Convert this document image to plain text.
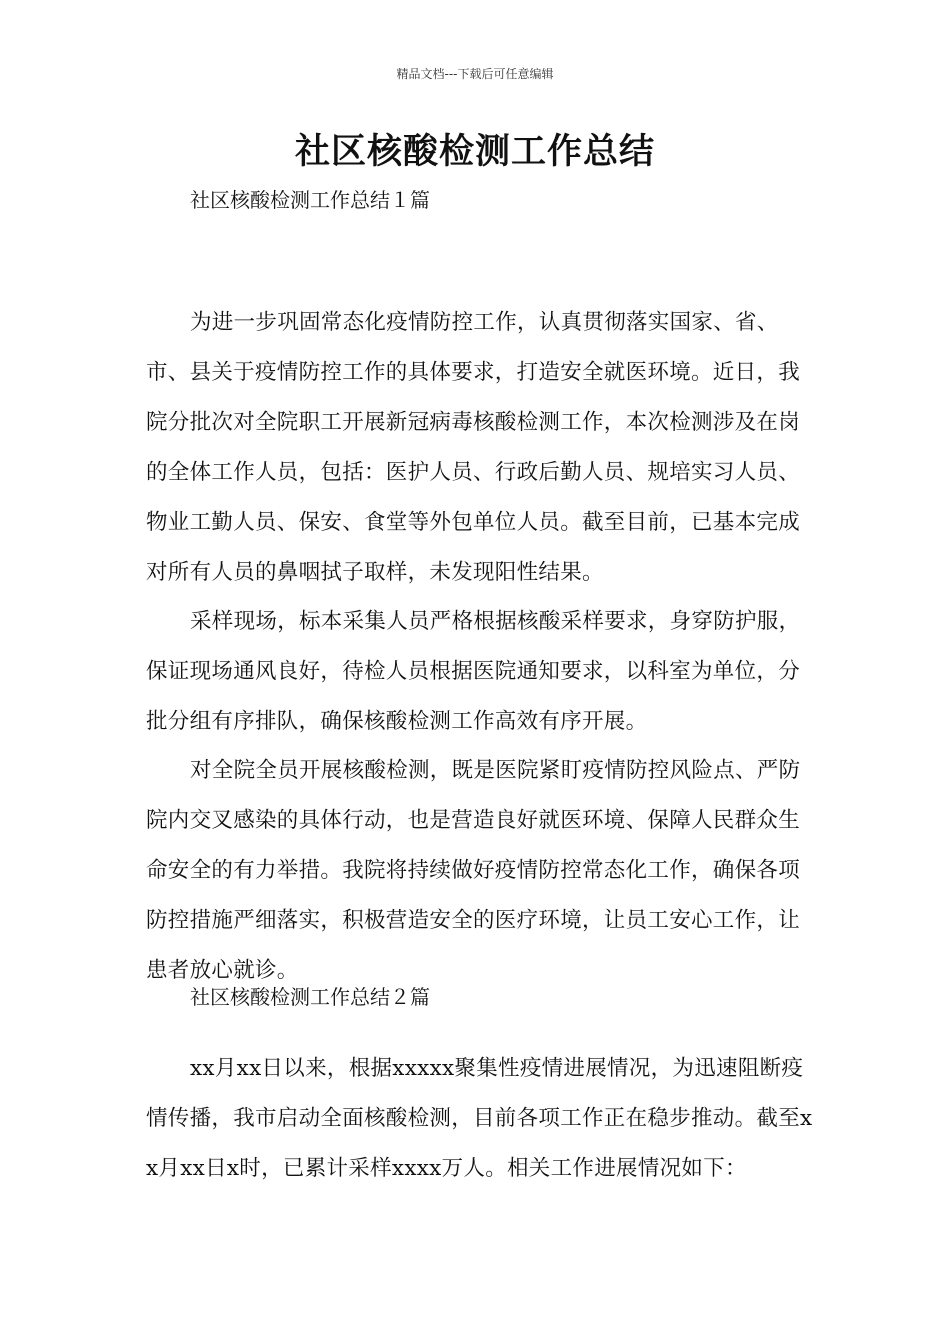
精品文档---下载后可任意编辑
社区核酸检测工作总结
社区核酸检测工作总结１篇

为进一步巩固常态化疫情防控工作，认真贯彻落实国家、省、市、县关于疫情防控工作的具体要求，打造安全就医环境。近日，我院分批次对全院职工开展新冠病毒核酸检测工作，本次检测涉及在岗的全体工作人员，包括：医护人员、行政后勤人员、规培实习人员、物业工勤人员、保安、食堂等外包单位人员。截至目前，已基本完成对所有人员的鼻咽拭子取样，未发现阳性结果。

采样现场，标本采集人员严格根据核酸采样要求，身穿防护服，保证现场通风良好，待检人员根据医院通知要求，以科室为单位，分批分组有序排队，确保核酸检测工作高效有序开展。

对全院全员开展核酸检测，既是医院紧盯疫情防控风险点、严防院内交叉感染的具体行动，也是营造良好就医环境、保障人民群众生命安全的有力举措。我院将持续做好疫情防控常态化工作，确保各项防控措施严细落实，积极营造安全的医疗环境，让员工安心工作，让患者放心就诊。

社区核酸检测工作总结２篇

xx月xx日以来，根据xxxxx聚集性疫情进展情况，为迅速阻断疫情传播，我市启动全面核酸检测，目前各项工作正在稳步推动。截至xx月xx日x时，已累计采样xxxx万人。相关工作进展情况如下：
